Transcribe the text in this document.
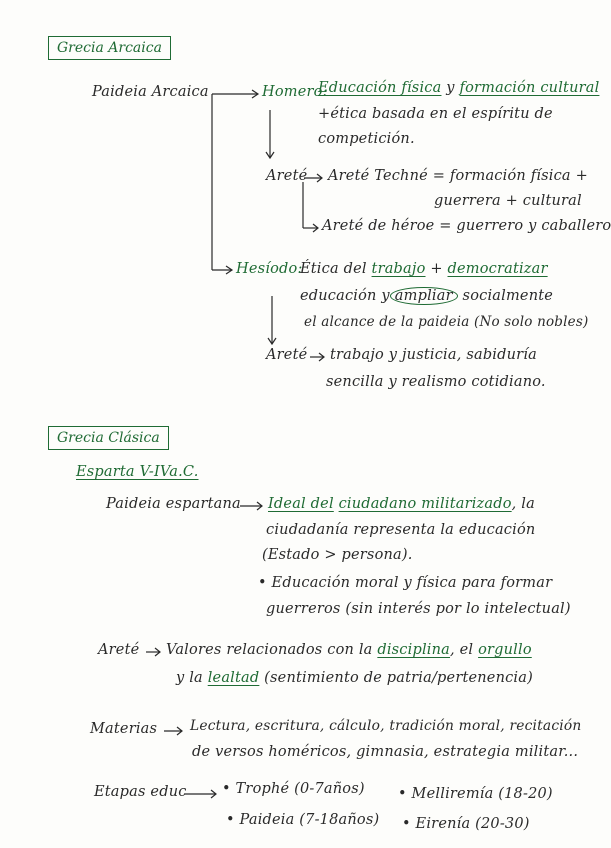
Grecia Arcaica
Paideia Arcaica	Homero:
Educación física y formación cultural
+ética basada en el espíritu de
competición.
Areté Areté Techné = formación física +
guerrera + cultural
Areté de héroe = guerrero y caballero
Hesíodo:
Ética del trabajo + democratizar
educación y ampliar socialmente
el alcance de la paideia (No solo nobles)
Areté trabajo y justicia, sabiduría
sencilla y realismo cotidiano.
Grecia Clásica
Esparta V-IVa.C.
Paideia espartana Ideal del ciudadano militarizado, la
ciudadanía representa la educación
(Estado > persona).
• Educación moral y física para formar
guerreros (sin interés por lo intelectual)
Areté Valores relacionados con la disciplina, el orgullo
y la lealtad (sentimiento de patria/pertenencia)
Materias Lectura, escritura, cálculo, tradición moral, recitación
de versos homéricos, gimnasia, estrategia militar...
Etapas educ • Trophé (0-7años) • Melliremía (18-20)
• Paideia (7-18años) • Eirenía (20-30)
